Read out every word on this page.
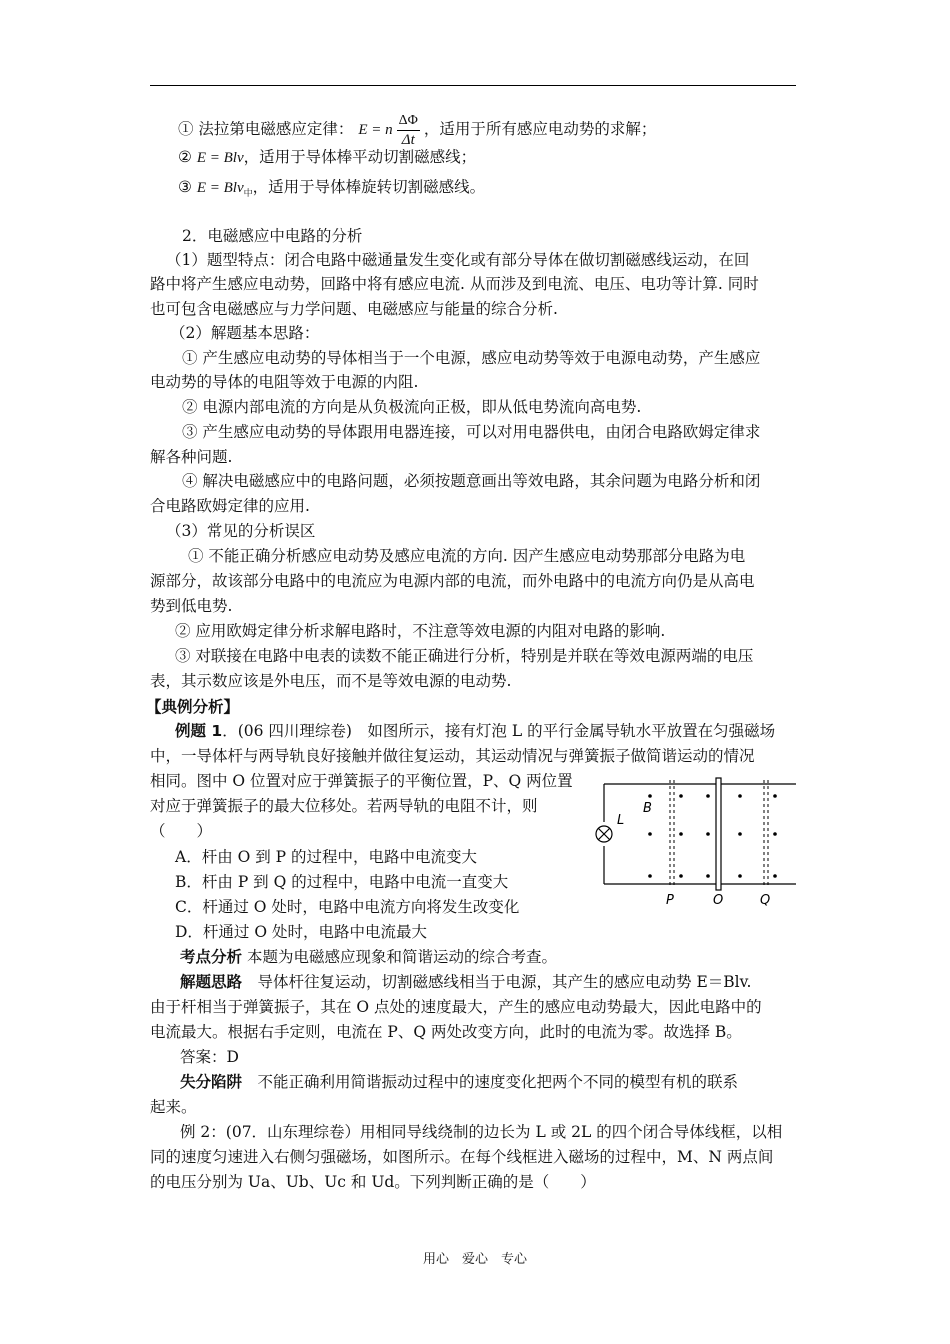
① 法拉第电磁感应定律： E = n $\frac{\Delta\Phi}{\Delta t}$ ，适用于所有感应电动势的求解；
② E = Blv，适用于导体棒平动切割磁感线；
③ E = Blv$_中$，适用于导体棒旋转切割磁感线。
2．电磁感应中电路的分析
（1）题型特点：闭合电路中磁通量发生变化或有部分导体在做切割磁感线运动，在回
路中将产生感应电动势，回路中将有感应电流. 从而涉及到电流、电压、电功等计算. 同时
也可包含电磁感应与力学问题、电磁感应与能量的综合分析.
（2）解题基本思路：
① 产生感应电动势的导体相当于一个电源，感应电动势等效于电源电动势，产生感应
电动势的导体的电阻等效于电源的内阻.
② 电源内部电流的方向是从负极流向正极，即从低电势流向高电势.
③ 产生感应电动势的导体跟用电器连接，可以对用电器供电，由闭合电路欧姆定律求
解各种问题.
④ 解决电磁感应中的电路问题，必须按题意画出等效电路，其余问题为电路分析和闭
合电路欧姆定律的应用.
（3）常见的分析误区
① 不能正确分析感应电动势及感应电流的方向. 因产生感应电动势那部分电路为电
源部分，故该部分电路中的电流应为电源内部的电流，而外电路中的电流方向仍是从高电
势到低电势.
② 应用欧姆定律分析求解电路时，不注意等效电源的内阻对电路的影响.
③ 对联接在电路中电表的读数不能正确进行分析，特别是并联在等效电源两端的电压
表，其示数应该是外电压，而不是等效电源的电动势.
【典例分析】
例题 1．(06 四川理综卷)　如图所示，接有灯泡 L 的平行金属导轨水平放置在匀强磁场
中，一导体杆与两导轨良好接触并做往复运动，其运动情况与弹簧振子做简谐运动的情况
相同。图中 O 位置对应于弹簧振子的平衡位置，P、Q 两位置
对应于弹簧振子的最大位移处。若两导轨的电阻不计，则
（　　）
A．杆由 O 到 P 的过程中，电路中电流变大
B．杆由 P 到 Q 的过程中，电路中电流一直变大
C．杆通过 O 处时，电路中电流方向将发生改变化
D．杆通过 O 处时，电路中电流最大
考点分析 本题为电磁感应现象和简谐运动的综合考查。
解题思路　导体杆往复运动，切割磁感线相当于电源，其产生的感应电动势 E＝Blv.
由于杆相当于弹簧振子，其在 O 点处的速度最大，产生的感应电动势最大，因此电路中的
电流最大。根据右手定则，电流在 P、Q 两处改变方向，此时的电流为零。故选择 B。
答案：D
失分陷阱　不能正确利用简谐振动过程中的速度变化把两个不同的模型有机的联系
起来。
例 2：(07．山东理综卷）用相同导线绕制的边长为 L 或 2L 的四个闭合导体线框，以相
同的速度匀速进入右侧匀强磁场，如图所示。在每个线框进入磁场的过程中，M、N 两点间
的电压分别为 Ua、Ub、Uc 和 Ud。下列判断正确的是（　　）
B
L
P	O	Q
用心　爱心　专心
